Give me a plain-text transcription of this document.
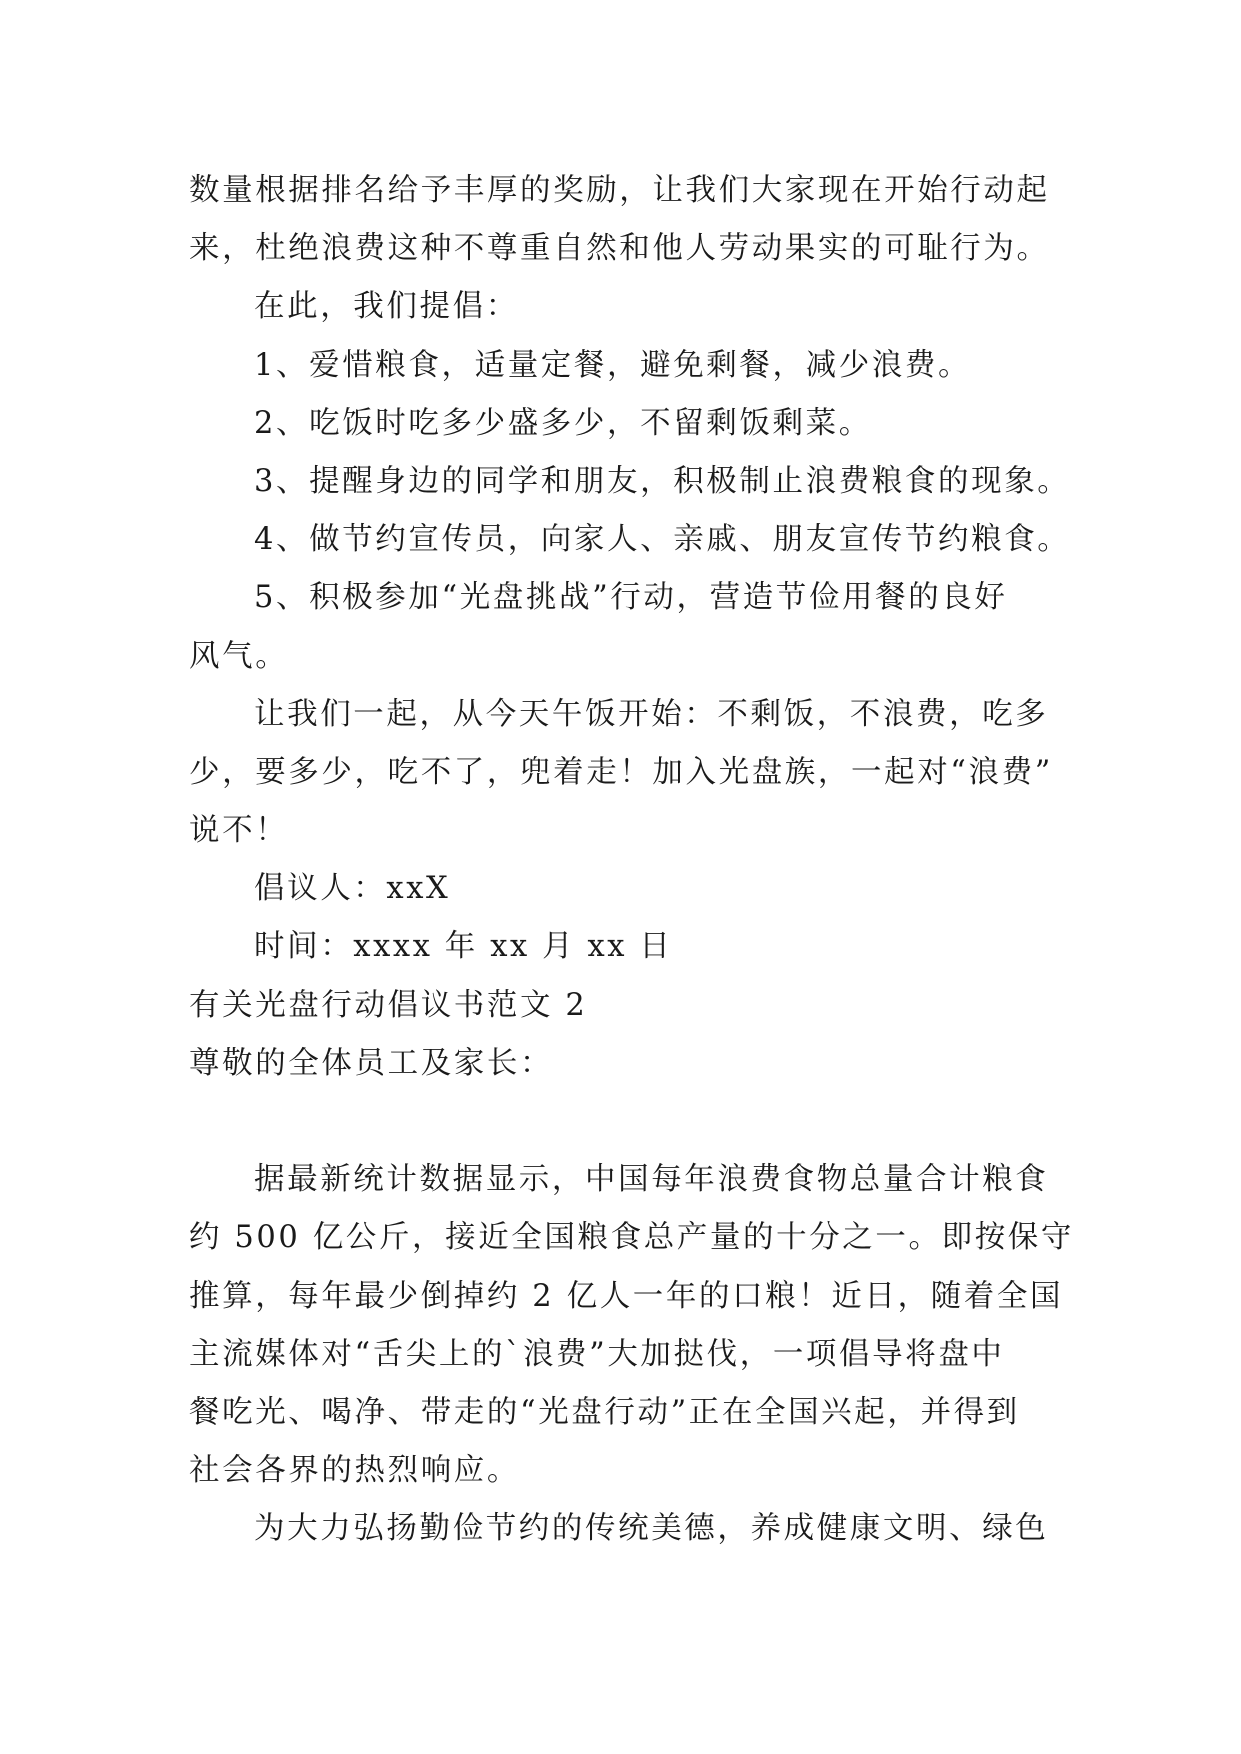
数量根据排名给予丰厚的奖励，让我们大家现在开始行动起
来，杜绝浪费这种不尊重自然和他人劳动果实的可耻行为。
在此，我们提倡：
1、爱惜粮食，适量定餐，避免剩餐，减少浪费。
2、吃饭时吃多少盛多少，不留剩饭剩菜。
3、提醒身边的同学和朋友，积极制止浪费粮食的现象。
4、做节约宣传员，向家人、亲戚、朋友宣传节约粮食。
5、积极参加“光盘挑战”行动，营造节俭用餐的良好
风气。
让我们一起，从今天午饭开始：不剩饭，不浪费，吃多
少，要多少，吃不了，兜着走！加入光盘族，一起对“浪费”
说不！
倡议人：xxX
时间：xxxx 年 xx 月 xx 日
有关光盘行动倡议书范文 2
尊敬的全体员工及家长：
据最新统计数据显示，中国每年浪费食物总量合计粮食
约 500 亿公斤，接近全国粮食总产量的十分之一。即按保守
推算，每年最少倒掉约 2 亿人一年的口粮！近日，随着全国
主流媒体对“舌尖上的`浪费”大加挞伐，一项倡导将盘中
餐吃光、喝净、带走的“光盘行动”正在全国兴起，并得到
社会各界的热烈响应。
为大力弘扬勤俭节约的传统美德，养成健康文明、绿色
